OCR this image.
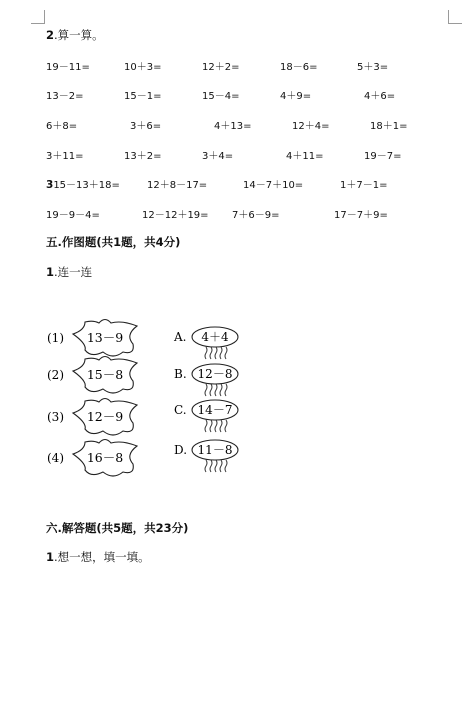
2.算一算。
19－11=	10＋3=	12＋2=	18－6=	5＋3=
13－2=	15－1=	15－4=	4＋9=	4＋6=
6＋8=	3＋6=	4＋13=	12＋4=	18＋1=
3＋11=	13＋2=	3＋4=	4＋11=	19－7=
315－13＋18=	12＋8－17=	14－7＋10=	1＋7－1=
19－9－4=	12－12＋19= 7＋6－9=	17－7＋9=
五.作图题(共1题，共4分)
1.连一连
(1) 13－9
(2) 15－8
(3) 12－9
(4) 16－8
A. 4＋4
B. 12－8
C. 14－7
D. 11－8
六.解答题(共5题，共23分)
1.想一想，填一填。
